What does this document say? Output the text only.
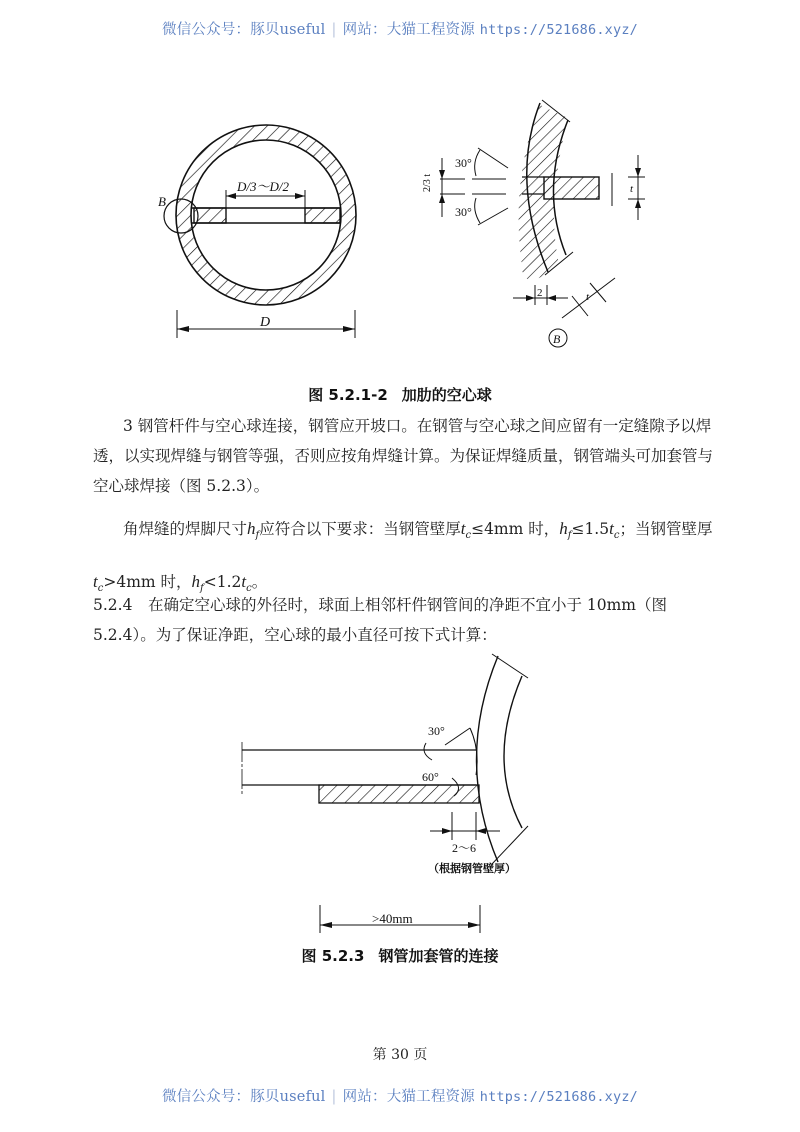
微信公众号：豚贝useful | 网站：大猫工程资源 https://521686.xyz/
D/3～D/2
B
D
2/3 t
30°
30°
t
2	t
B
图 5.2.1-2 加肋的空心球
3 钢管杆件与空心球连接，钢管应开坡口。在钢管与空心球之间应留有一定缝隙予以焊透，以实现焊缝与钢管等强，否则应按角焊缝计算。为保证焊缝质量，钢管端头可加套管与空心球焊接（图 5.2.3）。
角焊缝的焊脚尺寸$h_f$应符合以下要求：当钢管壁厚$t_c\le 4mm$ 时，$h_f\le 1.5t_c$；当钢管壁厚$t_c>4mm$ 时，$h_f<1.2t_c$。
5.2.4　在确定空心球的外径时，球面上相邻杆件钢管间的净距不宜小于 10mm（图 5.2.4）。为了保证净距，空心球的最小直径可按下式计算：
30°
60°
2～6
（根据钢管壁厚）
>40mm
图 5.2.3 钢管加套管的连接
第 30 页
微信公众号：豚贝useful | 网站：大猫工程资源 https://521686.xyz/
